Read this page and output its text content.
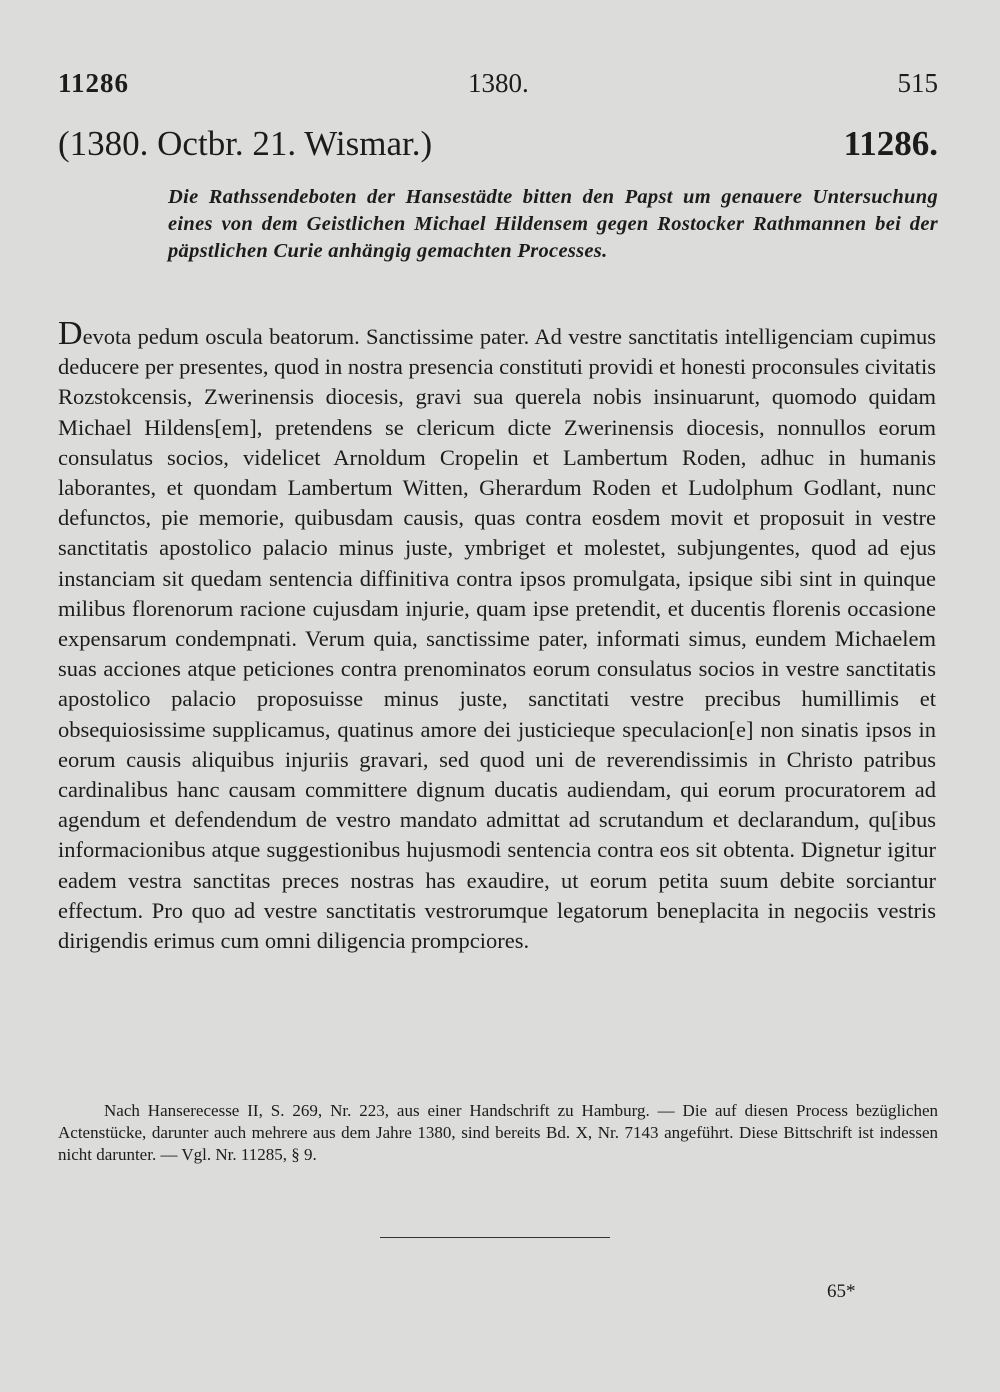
11286	1380.	515
(1380. Octbr. 21. Wismar.)	11286.

Die Rathssendeboten der Hansestädte bitten den Papst um genauere Untersuchung eines von dem Geistlichen Michael Hildensem gegen Rostocker Rathmannen bei der päpstlichen Curie anhängig gemachten Processes.

Devota pedum oscula beatorum. Sanctissime pater. Ad vestre sanctitatis intelligenciam cupimus deducere per presentes, quod in nostra presencia constituti providi et honesti proconsules civitatis Rozstokcensis, Zwerinensis diocesis, gravi sua querela nobis insinuarunt, quomodo quidam Michael Hildens[em], pretendens se clericum dicte Zwerinensis diocesis, nonnullos eorum consulatus socios, videlicet Arnoldum Cropelin et Lambertum Roden, adhuc in humanis laborantes, et quondam Lambertum Witten, Gherardum Roden et Ludolphum Godlant, nunc defunctos, pie memorie, quibusdam causis, quas contra eosdem movit et proposuit in vestre sanctitatis apostolico palacio minus juste, ymbriget et molestet, subjungentes, quod ad ejus instanciam sit quedam sentencia diffinitiva contra ipsos promulgata, ipsique sibi sint in quinque milibus florenorum racione cujusdam injurie, quam ipse pretendit, et ducentis florenis occasione expensarum condempnati. Verum quia, sanctissime pater, informati simus, eundem Michaelem suas acciones atque peticiones contra prenominatos eorum consulatus socios in vestre sanctitatis apostolico palacio proposuisse minus juste, sanctitati vestre precibus humillimis et obsequiosissime supplicamus, quatinus amore dei justicieque speculacion[e] non sinatis ipsos in eorum causis aliquibus injuriis gravari, sed quod uni de reverendissimis in Christo patribus cardinalibus hanc causam committere dignum ducatis audiendam, qui eorum procuratorem ad agendum et defendendum de vestro mandato admittat ad scrutandum et declarandum, qu[ibus informacionibus atque suggestionibus hujusmodi sentencia contra eos sit obtenta. Dignetur igitur eadem vestra sanctitas preces nostras has exaudire, ut eorum petita suum debite sorciantur effectum. Pro quo ad vestre sanctitatis vestrorumque legatorum beneplacita in negociis vestris dirigendis erimus cum omni diligencia prompciores.

Nach Hanserecesse II, S. 269, Nr. 223, aus einer Handschrift zu Hamburg. — Die auf diesen Process bezüglichen Actenstücke, darunter auch mehrere aus dem Jahre 1380, sind bereits Bd. X, Nr. 7143 angeführt. Diese Bittschrift ist indessen nicht darunter. — Vgl. Nr. 11285, § 9.

65*
